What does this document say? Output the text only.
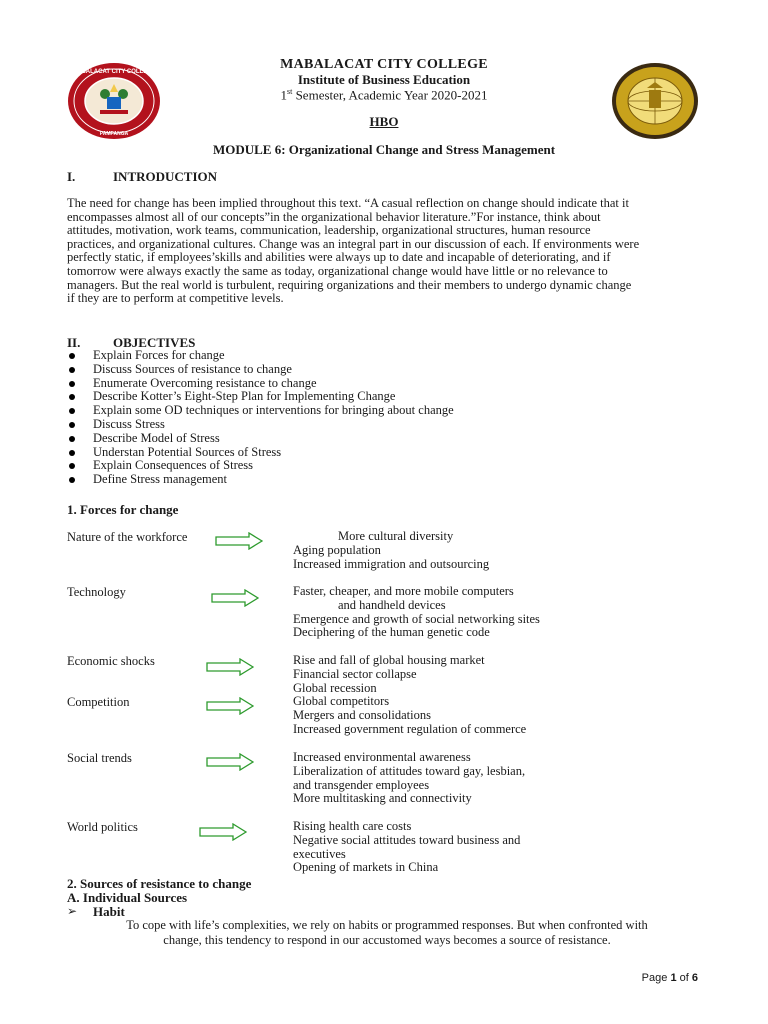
MABALACAT CITY COLLEGE
PAMPANGA
MABALACAT CITY COLLEGE
Institute of Business Education
1st Semester, Academic Year 2020-2021
HBO
MODULE 6: Organizational Change and Stress Management
I.	INTRODUCTION
The need for change has been implied throughout this text. “A casual reflection on change should indicate that it
encompasses almost all of our concepts”in the organizational behavior literature.”For instance, think about
attitudes, motivation, work teams, communication, leadership, organizational structures, human resource
practices, and organizational cultures. Change was an integral part in our discussion of each. If environments were
perfectly static, if employees’skills and abilities were always up to date and incapable of deteriorating, and if
tomorrow were always exactly the same as today, organizational change would have little or no relevance to
managers. But the real world is turbulent, requiring organizations and their members to undergo dynamic change
if they are to perform at competitive levels.
II.	OBJECTIVES
Explain Forces for change
Discuss Sources of resistance to change
Enumerate Overcoming resistance to change
Describe Kotter’s Eight-Step Plan for Implementing Change
Explain some OD techniques or interventions for bringing about change
Discuss Stress
Describe Model of Stress
Understan Potential Sources of Stress
Explain Consequences of Stress
Define Stress management
1. Forces for change
Nature of the workforce	More cultural diversity
Aging population
Increased immigration and outsourcing
Technology	Faster, cheaper, and more mobile computers
and handheld devices
Emergence and growth of social networking sites
Deciphering of the human genetic code
Economic shocks	Rise and fall of global housing market
Financial sector collapse
Global recession
Competition	Global competitors
Mergers and consolidations
Increased government regulation of commerce
Social trends	Increased environmental awareness
Liberalization of attitudes toward gay, lesbian,
and transgender employees
More multitasking and connectivity
World politics	Rising health care costs
Negative social attitudes toward business and
executives
Opening of markets in China
2. Sources of resistance to change
A. Individual Sources
➢ Habit
To cope with life’s complexities, we rely on habits or programmed responses. But when confronted with
change, this tendency to respond in our accustomed ways becomes a source of resistance.
Page 1 of 6
